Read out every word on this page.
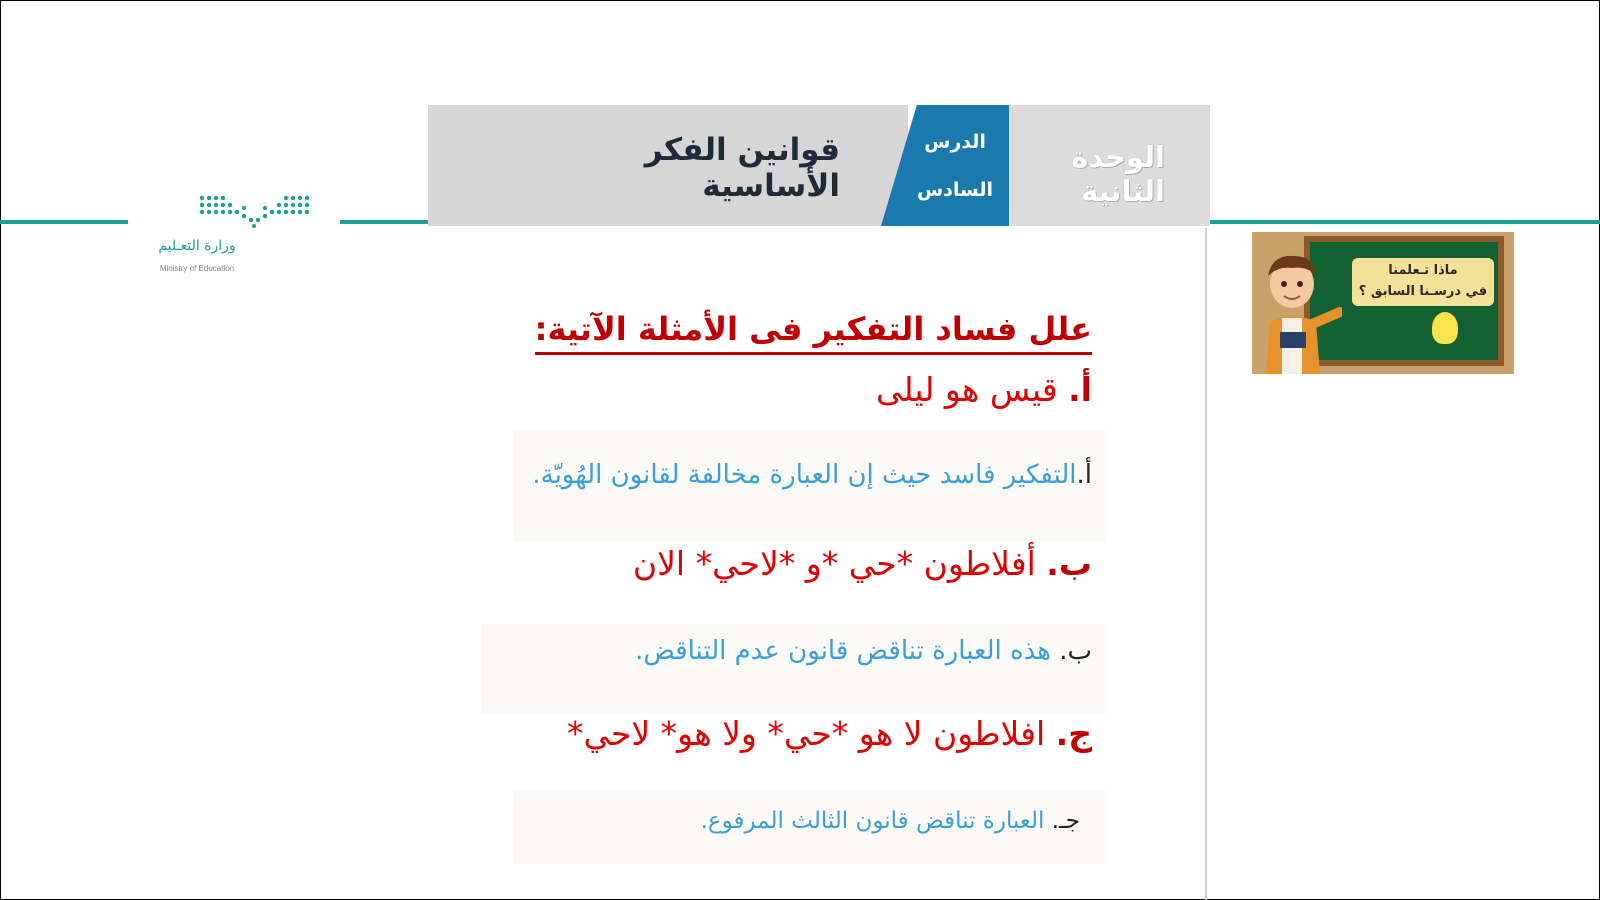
قوانين الفكر الأساسية
الدرس
السادس
الوحدة الثانية
وزارة التعـليم
Ministry of Education	ماذا تـعلمنا
في درسـنا السابق ؟
علل فساد التفكير فى الأمثلة الآتية:
أ. قيس هو ليلى
أ.التفكير فاسد حيث إن العبارة مخالفة لقانون الهُويّة.
ب. أفلاطون *حي *و *لاحي* الان
ب. هذه العبارة تناقض قانون عدم التناقض.
ج. افلاطون لا هو *حي* ولا هو* لاحي*
جـ. العبارة تناقض قانون الثالث المرفوع.
